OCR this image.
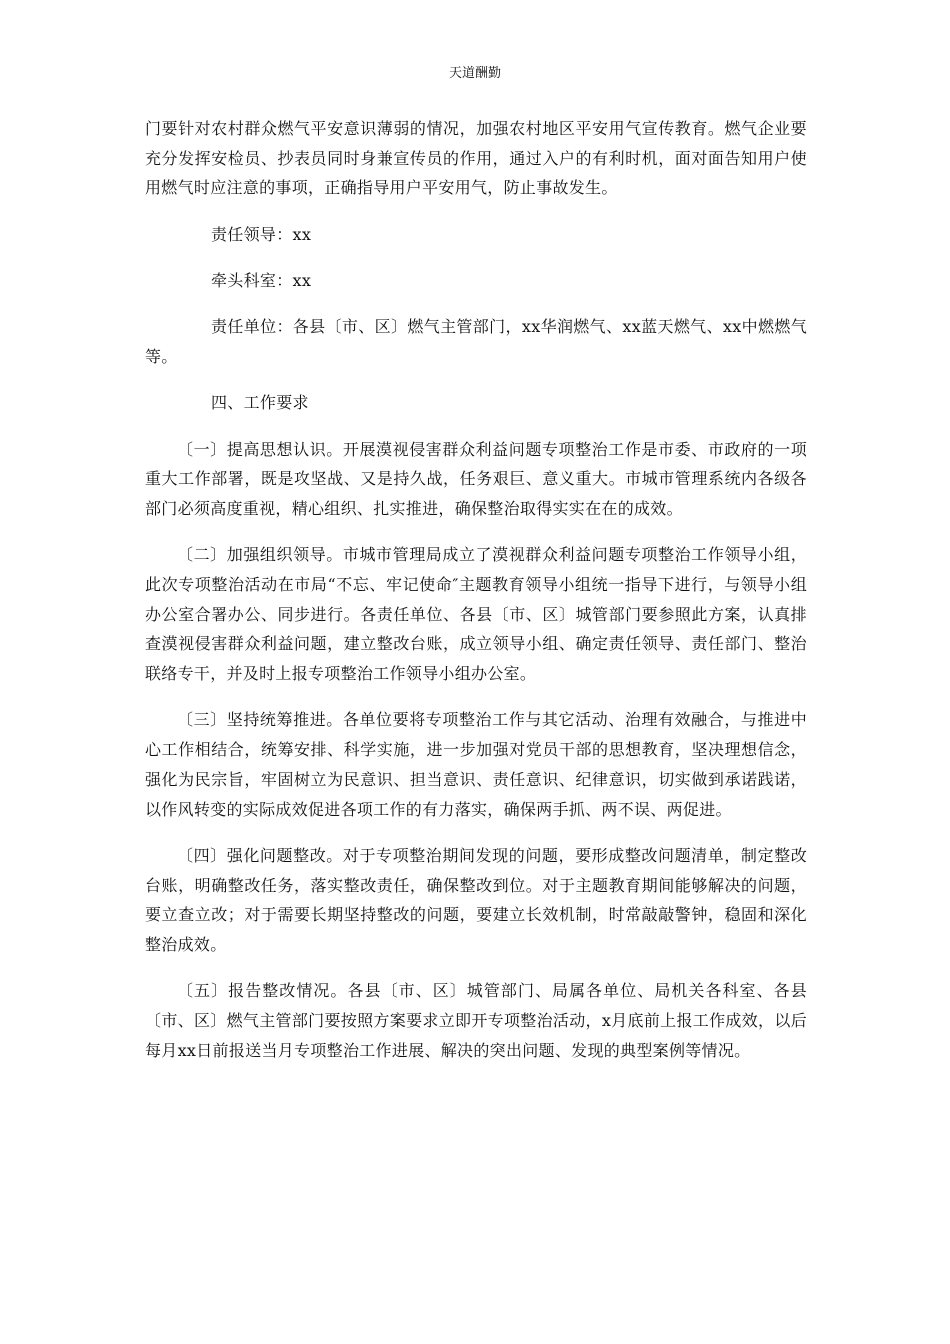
天道酬勤

门要针对农村群众燃气平安意识薄弱的情况，加强农村地区平安用气宣传教育。燃气企业要充分发挥安检员、抄表员同时身兼宣传员的作用，通过入户的有利时机，面对面告知用户使用燃气时应注意的事项，正确指导用户平安用气，防止事故发生。

责任领导：xx

牵头科室：xx

责任单位：各县〔市、区〕燃气主管部门，xx华润燃气、xx蓝天燃气、xx中燃燃气等。

四、工作要求

〔一〕提高思想认识。开展漠视侵害群众利益问题专项整治工作是市委、市政府的一项重大工作部署，既是攻坚战、又是持久战，任务艰巨、意义重大。市城市管理系统内各级各部门必须高度重视，精心组织、扎实推进，确保整治取得实实在在的成效。

〔二〕加强组织领导。市城市管理局成立了漠视群众利益问题专项整治工作领导小组，此次专项整治活动在市局“不忘、牢记使命″主题教育领导小组统一指导下进行，与领导小组办公室合署办公、同步进行。各责任单位、各县〔市、区〕城管部门要参照此方案，认真排查漠视侵害群众利益问题，建立整改台账，成立领导小组、确定责任领导、责任部门、整治联络专干，并及时上报专项整治工作领导小组办公室。

〔三〕坚持统筹推进。各单位要将专项整治工作与其它活动、治理有效融合，与推进中心工作相结合，统筹安排、科学实施，进一步加强对党员干部的思想教育，坚决理想信念，强化为民宗旨，牢固树立为民意识、担当意识、责任意识、纪律意识，切实做到承诺践诺，以作风转变的实际成效促进各项工作的有力落实，确保两手抓、两不误、两促进。

〔四〕强化问题整改。对于专项整治期间发现的问题，要形成整改问题清单，制定整改台账，明确整改任务，落实整改责任，确保整改到位。对于主题教育期间能够解决的问题，要立查立改；对于需要长期坚持整改的问题，要建立长效机制，时常敲敲警钟，稳固和深化整治成效。

〔五〕报告整改情况。各县〔市、区〕城管部门、局属各单位、局机关各科室、各县〔市、区〕燃气主管部门要按照方案要求立即开专项整治活动，x月底前上报工作成效，以后每月xx日前报送当月专项整治工作进展、解决的突出问题、发现的典型案例等情况。
